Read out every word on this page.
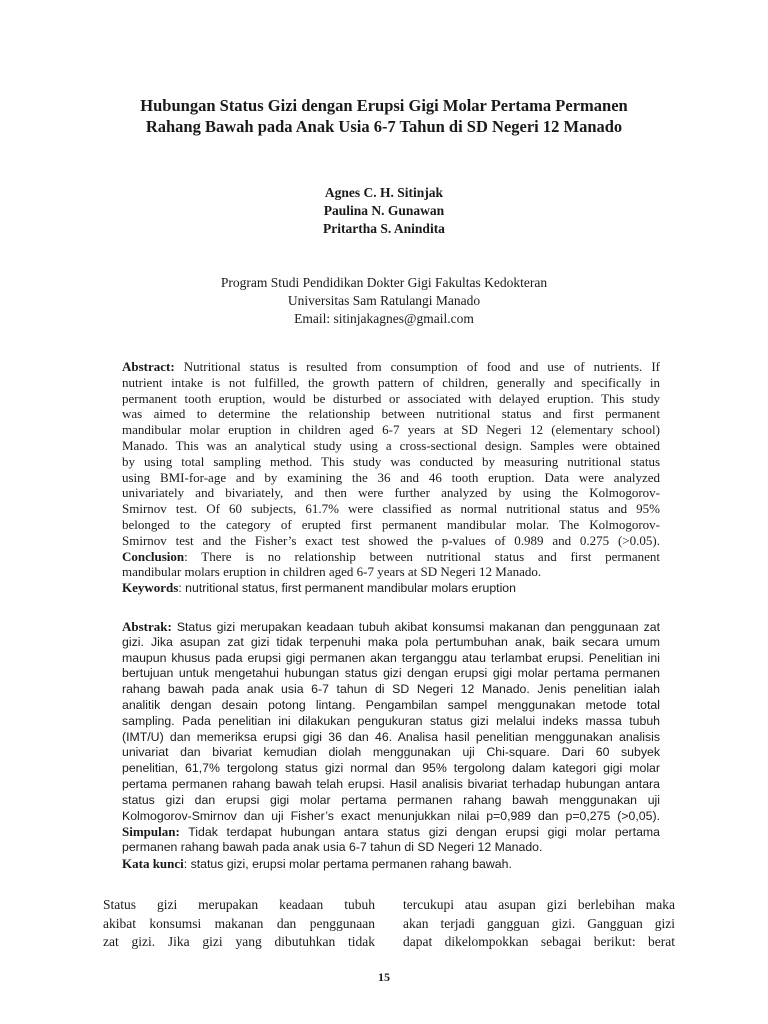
Hubungan Status Gizi dengan Erupsi Gigi Molar Pertama Permanen
Rahang Bawah pada Anak Usia 6-7 Tahun di SD Negeri 12 Manado
Agnes C. H. Sitinjak
Paulina N. Gunawan
Pritartha S. Anindita
Program Studi Pendidikan Dokter Gigi Fakultas Kedokteran
Universitas Sam Ratulangi Manado
Email: sitinjakagnes@gmail.com
Abstract: Nutritional status is resulted from consumption of food and use of nutrients. If
nutrient intake is not fulfilled, the growth pattern of children, generally and specifically in
permanent tooth eruption, would be disturbed or associated with delayed eruption. This study
was aimed to determine the relationship between nutritional status and first permanent
mandibular molar eruption in children aged 6-7 years at SD Negeri 12 (elementary school)
Manado. This was an analytical study using a cross-sectional design. Samples were obtained
by using total sampling method. This study was conducted by measuring nutritional status
using BMI-for-age and by examining the 36 and 46 tooth eruption. Data were analyzed
univariately and bivariately, and then were further analyzed by using the Kolmogorov-
Smirnov test. Of 60 subjects, 61.7% were classified as normal nutritional status and 95%
belonged to the category of erupted first permanent mandibular molar. The Kolmogorov-
Smirnov test and the Fisher’s exact test showed the p-values of 0.989 and 0.275 (>0.05).
Conclusion: There is no relationship between nutritional status and first permanent
mandibular molars eruption in children aged 6-7 years at SD Negeri 12 Manado.
Keywords: nutritional status, first permanent mandibular molars eruption
Abstrak: Status gizi merupakan keadaan tubuh akibat konsumsi makanan dan penggunaan zat
gizi. Jika asupan zat gizi tidak terpenuhi maka pola pertumbuhan anak, baik secara umum
maupun khusus pada erupsi gigi permanen akan terganggu atau terlambat erupsi. Penelitian ini
bertujuan untuk mengetahui hubungan status gizi dengan erupsi gigi molar pertama permanen
rahang bawah pada anak usia 6-7 tahun di SD Negeri 12 Manado. Jenis penelitian ialah
analitik dengan desain potong lintang. Pengambilan sampel menggunakan metode total
sampling. Pada penelitian ini dilakukan pengukuran status gizi melalui indeks massa tubuh
(IMT/U) dan memeriksa erupsi gigi 36 dan 46. Analisa hasil penelitian menggunakan analisis
univariat dan bivariat kemudian diolah menggunakan uji Chi-square. Dari 60 subyek
penelitian, 61,7% tergolong status gizi normal dan 95% tergolong dalam kategori gigi molar
pertama permanen rahang bawah telah erupsi. Hasil analisis bivariat terhadap hubungan antara
status gizi dan erupsi gigi molar pertama permanen rahang bawah menggunakan uji
Kolmogorov-Smirnov dan uji Fisher’s exact menunjukkan nilai p=0,989 dan p=0,275 (>0,05).
Simpulan: Tidak terdapat hubungan antara status gizi dengan erupsi gigi molar pertama
permanen rahang bawah pada anak usia 6-7 tahun di SD Negeri 12 Manado.
Kata kunci: status gizi, erupsi molar pertama permanen rahang bawah.
Status gizi merupakan keadaan tubuh
akibat konsumsi makanan dan penggunaan
zat gizi. Jika gizi yang dibutuhkan tidak
tercukupi atau asupan gizi berlebihan maka
akan terjadi gangguan gizi. Gangguan gizi
dapat dikelompokkan sebagai berikut: berat
15
